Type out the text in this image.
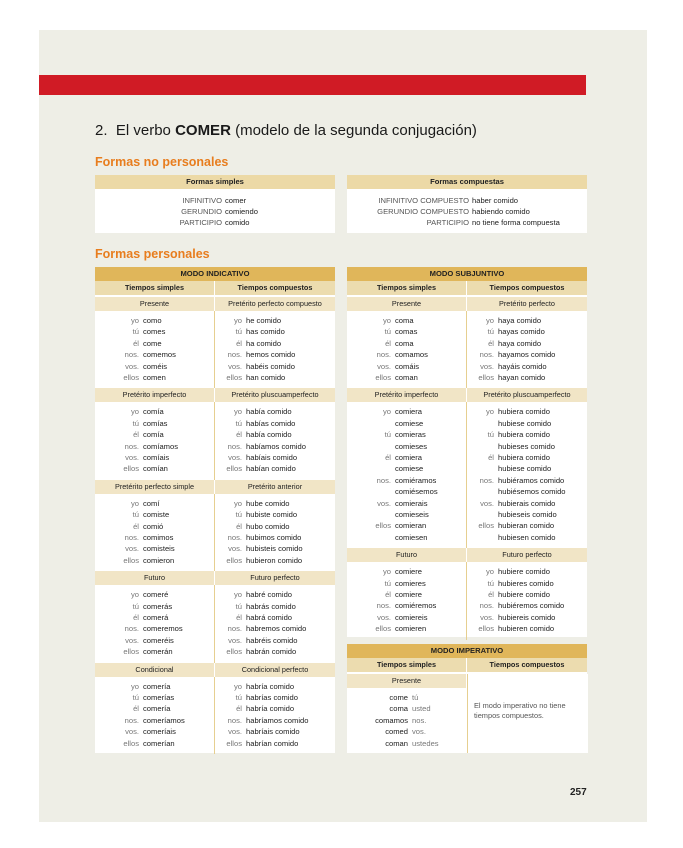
2. El verbo COMER (modelo de la segunda conjugación)
Formas no personales
Formas simples
INFINITIVO comer
GERUNDIO comiendo
PARTICIPIO comido
Formas compuestas
INFINITIVO COMPUESTO haber comido
GERUNDIO COMPUESTO habiendo comido
PARTICIPIO no tiene forma compuesta
Formas personales
MODO INDICATIVO
Tiempos simples	Tiempos compuestos
Presente	Pretérito perfecto compuesto
yo como	yo he comido
tú comes	tú has comido
él come	él ha comido
nos. comemos	nos. hemos comido
vos. coméis	vos. habéis comido
ellos comen	ellos han comido
Pretérito imperfecto	Pretérito pluscuamperfecto
yo comía	yo había comido
tú comías	tú habías comido
él comía	él había comido
nos. comíamos	nos. habíamos comido
vos. comíais	vos. habíais comido
ellos comían	ellos habían comido
Pretérito perfecto simple	Pretérito anterior
yo comí	yo hube comido
tú comiste	tú hubiste comido
él comió	él hubo comido
nos. comimos	nos. hubimos comido
vos. comisteis	vos. hubisteis comido
ellos comieron	ellos hubieron comido
Futuro	Futuro perfecto
yo comeré	yo habré comido
tú comerás	tú habrás comido
él comerá	él habrá comido
nos. comeremos	nos. habremos comido
vos. comeréis	vos. habréis comido
ellos comerán	ellos habrán comido
Condicional	Condicional perfecto
yo comería	yo habría comido
tú comerías	tú habrías comido
él comería	él habría comido
nos. comeríamos	nos. habríamos comido
vos. comeríais	vos. habríais comido
ellos comerían	ellos habrían comido
MODO SUBJUNTIVO
Tiempos simples	Tiempos compuestos
Presente	Pretérito perfecto
yo coma	yo haya comido
tú comas	tú hayas comido
él coma	él haya comido
nos. comamos	nos. hayamos comido
vos. comáis	vos. hayáis comido
ellos coman	ellos hayan comido
Pretérito imperfecto	Pretérito pluscuamperfecto
yo comiera	yo hubiera comido
comiese	hubiese comido
tú comieras	tú hubiera comido
comieses	hubieses comido
él comiera	él hubiera comido
comiese	hubiese comido
nos. comiéramos	nos. hubiéramos comido
comiésemos	hubiésemos comido
vos. comierais	vos. hubierais comido
comieseis	hubieseis comido
ellos comieran	ellos hubieran comido
comiesen	hubiesen comido
Futuro	Futuro perfecto
yo comiere	yo hubiere comido
tú comieres	tú hubieres comido
él comiere	él hubiere comido
nos. comiéremos	nos. hubiéremos comido
vos. comiereis	vos. hubiereis comido
ellos comieren	ellos hubieren comido
MODO IMPERATIVO
Tiempos simples	Tiempos compuestos
Presente
come tú
coma usted
comamos nos.
comed vos.
coman ustedes
El modo imperativo no tiene tiempos compuestos.
257
